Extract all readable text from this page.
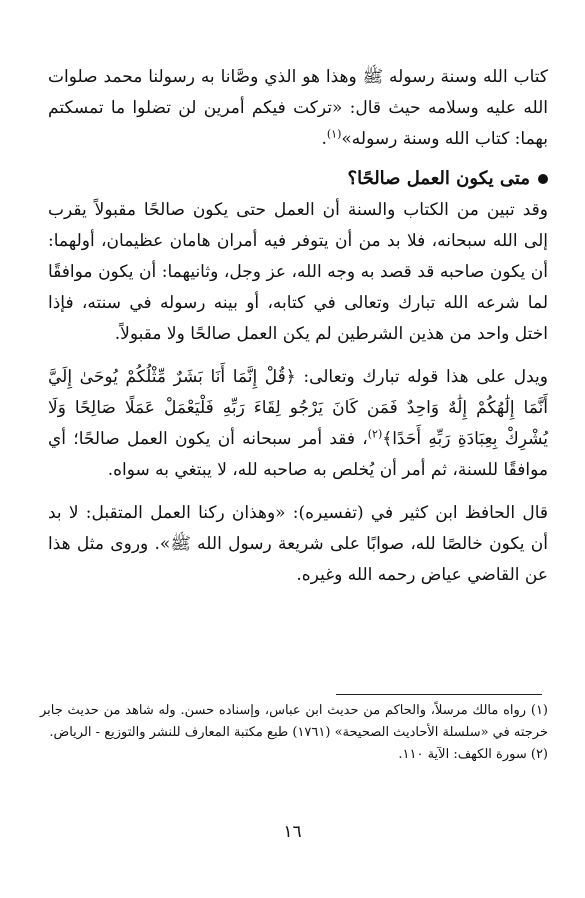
كتاب الله وسنة رسوله ﷺ وهذا هو الذي وصَّانا به رسولنا محمد صلوات الله عليه وسلامه حيث قال: «تركت فيكم أمرين لن تضلوا ما تمسكتم بهما: كتاب الله وسنة رسوله»$^{(١)}$.

متى يكون العمل صالحًا؟

وقد تبين من الكتاب والسنة أن العمل حتى يكون صالحًا مقبولاً يقرب إلى الله سبحانه، فلا بد من أن يتوفر فيه أمران هامان عظيمان، أولهما: أن يكون صاحبه قد قصد به وجه الله، عز وجل، وثانيهما: أن يكون موافقًا لما شرعه الله تبارك وتعالى في كتابه، أو بينه رسوله في سنته، فإذا اختل واحد من هذين الشرطين لم يكن العمل صالحًا ولا مقبولاً.

ويدل على هذا قوله تبارك وتعالى: ﴿قُلْ إِنَّمَا أَنَا بَشَرٌ مِّثْلُكُمْ يُوحَىٰ إِلَيَّ أَنَّمَا إِلَٰهُكُمْ إِلَٰهٌ وَاحِدٌ فَمَن كَانَ يَرْجُو لِقَاءَ رَبِّهِ فَلْيَعْمَلْ عَمَلًا صَالِحًا وَلَا يُشْرِكْ بِعِبَادَةِ رَبِّهِ أَحَدًا﴾$^{(٢)}$، فقد أمر سبحانه أن يكون العمل صالحًا؛ أي موافقًا للسنة، ثم أمر أن يُخلص به صاحبه لله، لا يبتغي به سواه.

قال الحافظ ابن كثير في (تفسيره): «وهذان ركنا العمل المتقبل: لا بد أن يكون خالصًا لله، صوابًا على شريعة رسول الله ﷺ». وروى مثل هذا عن القاضي عياض رحمه الله وغيره.

(١) رواه مالك مرسلاً، والحاكم من حديث ابن عباس، وإسناده حسن. وله شاهد من حديث جابر خرجته في «سلسلة الأحاديث الصحيحة» (١٧٦١) طبع مكتبة المعارف للنشر والتوزيع - الرياض.

(٢) سورة الكهف: الآية ١١٠.

١٦
